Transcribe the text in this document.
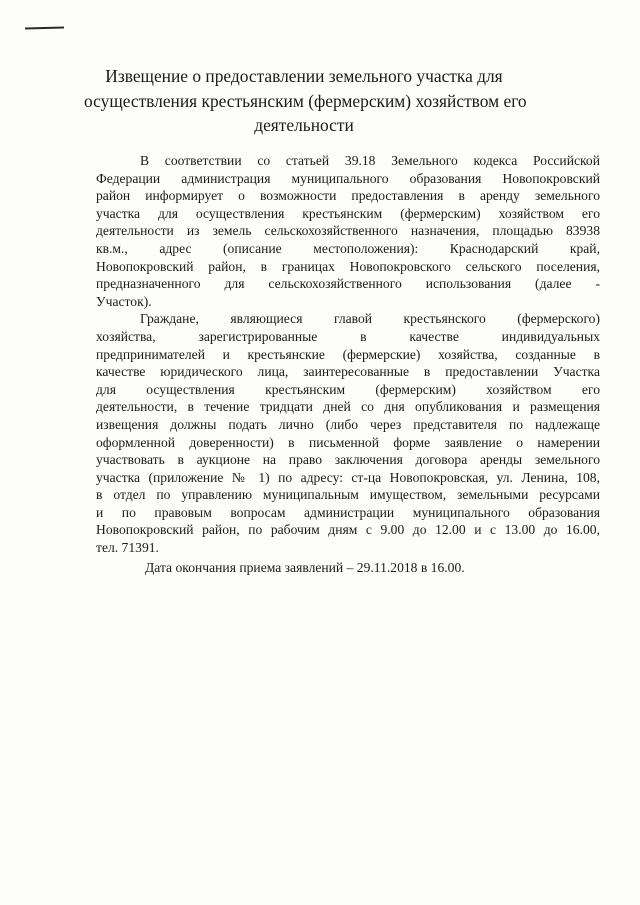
Извещение о предоставлении земельного участка для
осуществления крестьянским (фермерским) хозяйством его
деятельности
В соответствии со статьей 39.18 Земельного кодекса Российской
Федерации администрация муниципального образования Новопокровский
район информирует о возможности предоставления в аренду земельного
участка для осуществления крестьянским (фермерским) хозяйством его
деятельности из земель сельскохозяйственного назначения, площадью 83938
кв.м., адрес (описание местоположения): Краснодарский край,
Новопокровский район, в границах Новопокровского сельского поселения,
предназначенного для сельскохозяйственного использования (далее -
Участок).
Граждане, являющиеся главой крестьянского (фермерского)
хозяйства, зарегистрированные в качестве индивидуальных
предпринимателей и крестьянские (фермерские) хозяйства, созданные в
качестве юридического лица, заинтересованные в предоставлении Участка
для осуществления крестьянским (фермерским) хозяйством его
деятельности, в течение тридцати дней со дня опубликования и размещения
извещения должны подать лично (либо через представителя по надлежаще
оформленной доверенности) в письменной форме заявление о намерении
участвовать в аукционе на право заключения договора аренды земельного
участка (приложение № 1) по адресу: ст-ца Новопокровская, ул. Ленина, 108,
в отдел по управлению муниципальным имуществом, земельными ресурсами
и по правовым вопросам администрации муниципального образования
Новопокровский район, по рабочим дням с 9.00 до 12.00 и с 13.00 до 16.00,
тел. 71391.
Дата окончания приема заявлений – 29.11.2018 в 16.00.
